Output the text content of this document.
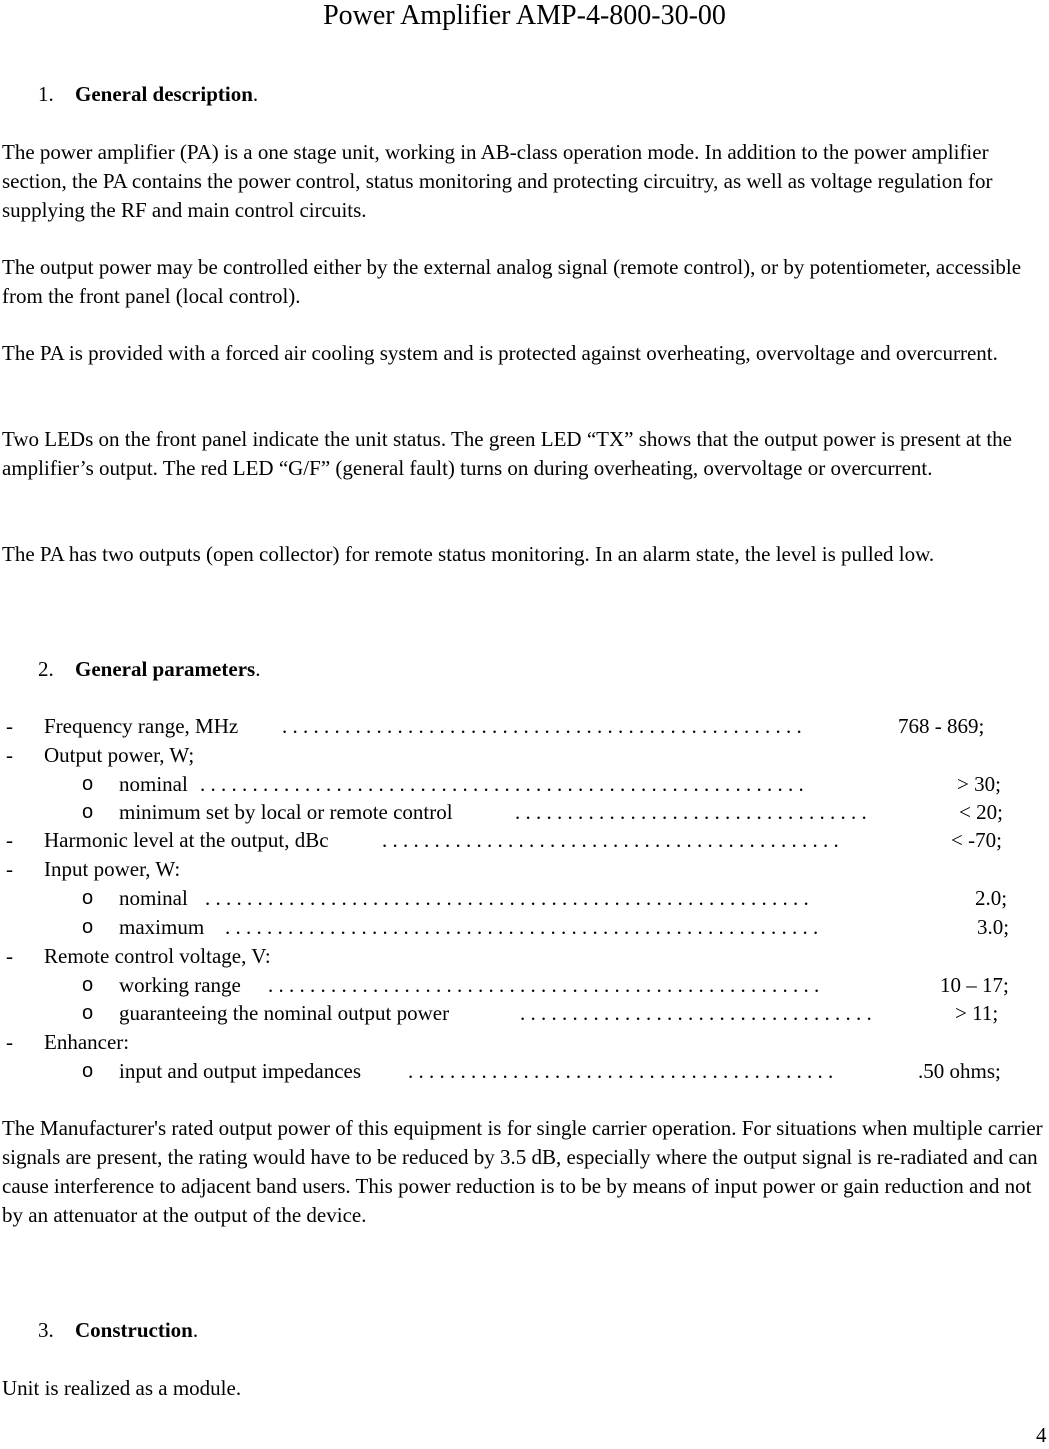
Power Amplifier AMP-4-800-30-00
1. General description.

The power amplifier (PA) is a one stage unit, working in AB-class operation mode. In addition to the power amplifier section, the PA contains the power control, status monitoring and protecting circuitry, as well as voltage regulation for supplying the RF and main control circuits.

The output power may be controlled either by the external analog signal (remote control), or by potentiometer, accessible from the front panel (local control).

The PA is provided with a forced air cooling system and is protected against overheating, overvoltage and overcurrent.

Two LEDs on the front panel indicate the unit status. The green LED “TX” shows that the output power is present at the amplifier’s output. The red LED “G/F” (general fault) turns on during overheating, overvoltage or overcurrent.

The PA has two outputs (open collector) for remote status monitoring. In an alarm state, the level is pulled low.

2. General parameters.
- Frequency range, MHz . . . . . . . . . . . . . . . . . . . . . . . . . . . . . . . . . . . . . . . . . . . . . . . . . .	768 - 869;
- Output power, W;
o nominal . . . . . . . . . . . . . . . . . . . . . . . . . . . . . . . . . . . . . . . . . . . . . . . . . . . . . . . . . .	> 30;
o minimum set by local or remote control	. . . . . . . . . . . . . . . . . . . . . . . . . . . . . . . . . .	< 20;
- Harmonic level at the output, dBc	. . . . . . . . . . . . . . . . . . . . . . . . . . . . . . . . . . . . . . . . . . . .	< -70;
- Input power, W:
o nominal . . . . . . . . . . . . . . . . . . . . . . . . . . . . . . . . . . . . . . . . . . . . . . . . . . . . . . . . . .	2.0;
o maximum . . . . . . . . . . . . . . . . . . . . . . . . . . . . . . . . . . . . . . . . . . . . . . . . . . . . . . . . .	3.0;
- Remote control voltage, V:
o working range . . . . . . . . . . . . . . . . . . . . . . . . . . . . . . . . . . . . . . . . . . . . . . . . . . . . .	10 – 17;
o guaranteeing the nominal output power	. . . . . . . . . . . . . . . . . . . . . . . . . . . . . . . . . .	> 11;
- Enhancer:
o input and output impedances . . . . . . . . . . . . . . . . . . . . . . . . . . . . . . . . . . . . . . . . .	.50 ohms;

The Manufacturer's rated output power of this equipment is for single carrier operation. For situations when multiple carrier signals are present, the rating would have to be reduced by 3.5 dB, especially where the output signal is re-radiated and can cause interference to adjacent band users. This power reduction is to be by means of input power or gain reduction and not by an attenuator at the output of the device.

3. Construction.

Unit is realized as a module.

4
